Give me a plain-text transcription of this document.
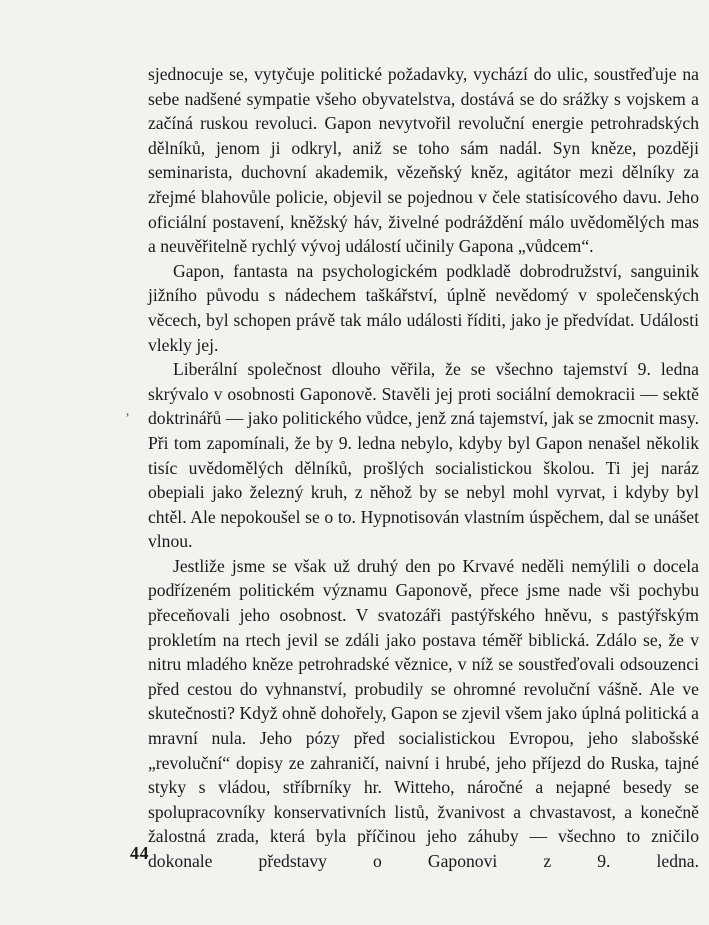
sjednocuje se, vytyčuje politické požadavky, vychází do ulic, soustřeďuje na sebe nadšené sympatie všeho obyvatelstva, dostává se do srážky s vojskem a začíná ruskou revoluci. Gapon nevytvořil revoluční energie petrohradských dělníků, jenom ji odkryl, aniž se toho sám nadál. Syn kněze, později seminarista, duchovní akademik, vězeňský kněz, agitátor mezi dělníky za zřejmé blahovůle policie, objevil se pojednou v čele statisícového davu. Jeho oficiální postavení, kněžský háv, živelné podráždění málo uvědomělých mas a neuvěřitelně rychlý vývoj událostí učinily Gapona „vůdcem“.

Gapon, fantasta na psychologickém podkladě dobrodružství, sanguinik jižního původu s nádechem taškářství, úplně nevědomý v společenských věcech, byl schopen právě tak málo události říditi, jako je předvídat. Události vlekly jej.

Liberální společnost dlouho věřila, že se všechno tajemství 9. ledna skrývalo v osobnosti Gaponově. Stavěli jej proti sociální demokracii — sektě doktrinářů — jako politického vůdce, jenž zná tajemství, jak se zmocnit masy. Při tom zapomínali, že by 9. ledna nebylo, kdyby byl Gapon nenašel několik tisíc uvědomělých dělníků, prošlých socialistickou školou. Ti jej naráz obepiali jako železný kruh, z něhož by se nebyl mohl vyrvat, i kdyby byl chtěl. Ale nepokoušel se o to. Hypnotisován vlastním úspěchem, dal se unášet vlnou.

Jestliže jsme se však už druhý den po Krvavé neděli nemýlili o docela podřízeném politickém významu Gaponově, přece jsme nade vši pochybu přeceňovali jeho osobnost. V svatozáři pastýřského hněvu, s pastýřským prokletím na rtech jevil se zdáli jako postava téměř biblická. Zdálo se, že v nitru mladého kněze petrohradské věznice, v níž se soustřeďovali odsouzenci před cestou do vyhnanství, probudily se ohromné revoluční vášně. Ale ve skutečnosti? Když ohně dohořely, Gapon se zjevil všem jako úplná politická a mravní nula. Jeho pózy před socialistickou Evropou, jeho slabošské „revoluční“ dopisy ze zahraničí, naivní i hrubé, jeho příjezd do Ruska, tajné styky s vládou, stříbrníky hr. Witteho, náročné a nejapné besedy se spolupracovníky konservativních listů, žvanivost a chvastavost, a konečně žalostná zrada, která byla příčinou jeho záhuby — všechno to zničilo dokonale představy o Gaponovi z 9. ledna.

,
44
